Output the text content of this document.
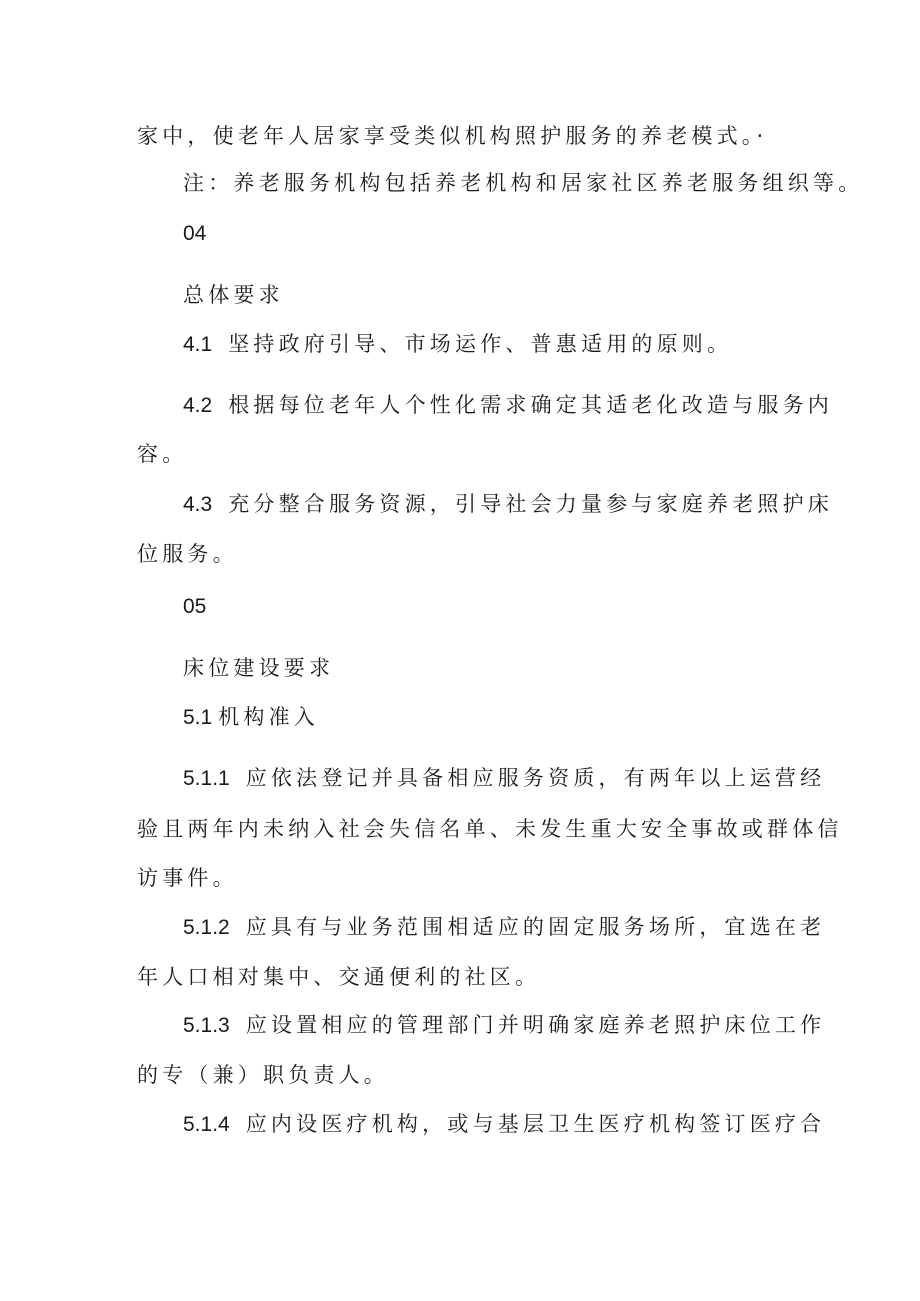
家中，使老年人居家享受类似机构照护服务的养老模式。·
注：养老服务机构包括养老机构和居家社区养老服务组织等。
04
总体要求
4.1 坚持政府引导、市场运作、普惠适用的原则。
4.2 根据每位老年人个性化需求确定其适老化改造与服务内
容。
4.3 充分整合服务资源，引导社会力量参与家庭养老照护床
位服务。
05
床位建设要求
5.1 机构准入
5.1.1 应依法登记并具备相应服务资质，有两年以上运营经
验且两年内未纳入社会失信名单、未发生重大安全事故或群体信
访事件。
5.1.2 应具有与业务范围相适应的固定服务场所，宜选在老
年人口相对集中、交通便利的社区。
5.1.3 应设置相应的管理部门并明确家庭养老照护床位工作
的专（兼）职负责人。
5.1.4 应内设医疗机构，或与基层卫生医疗机构签订医疗合
